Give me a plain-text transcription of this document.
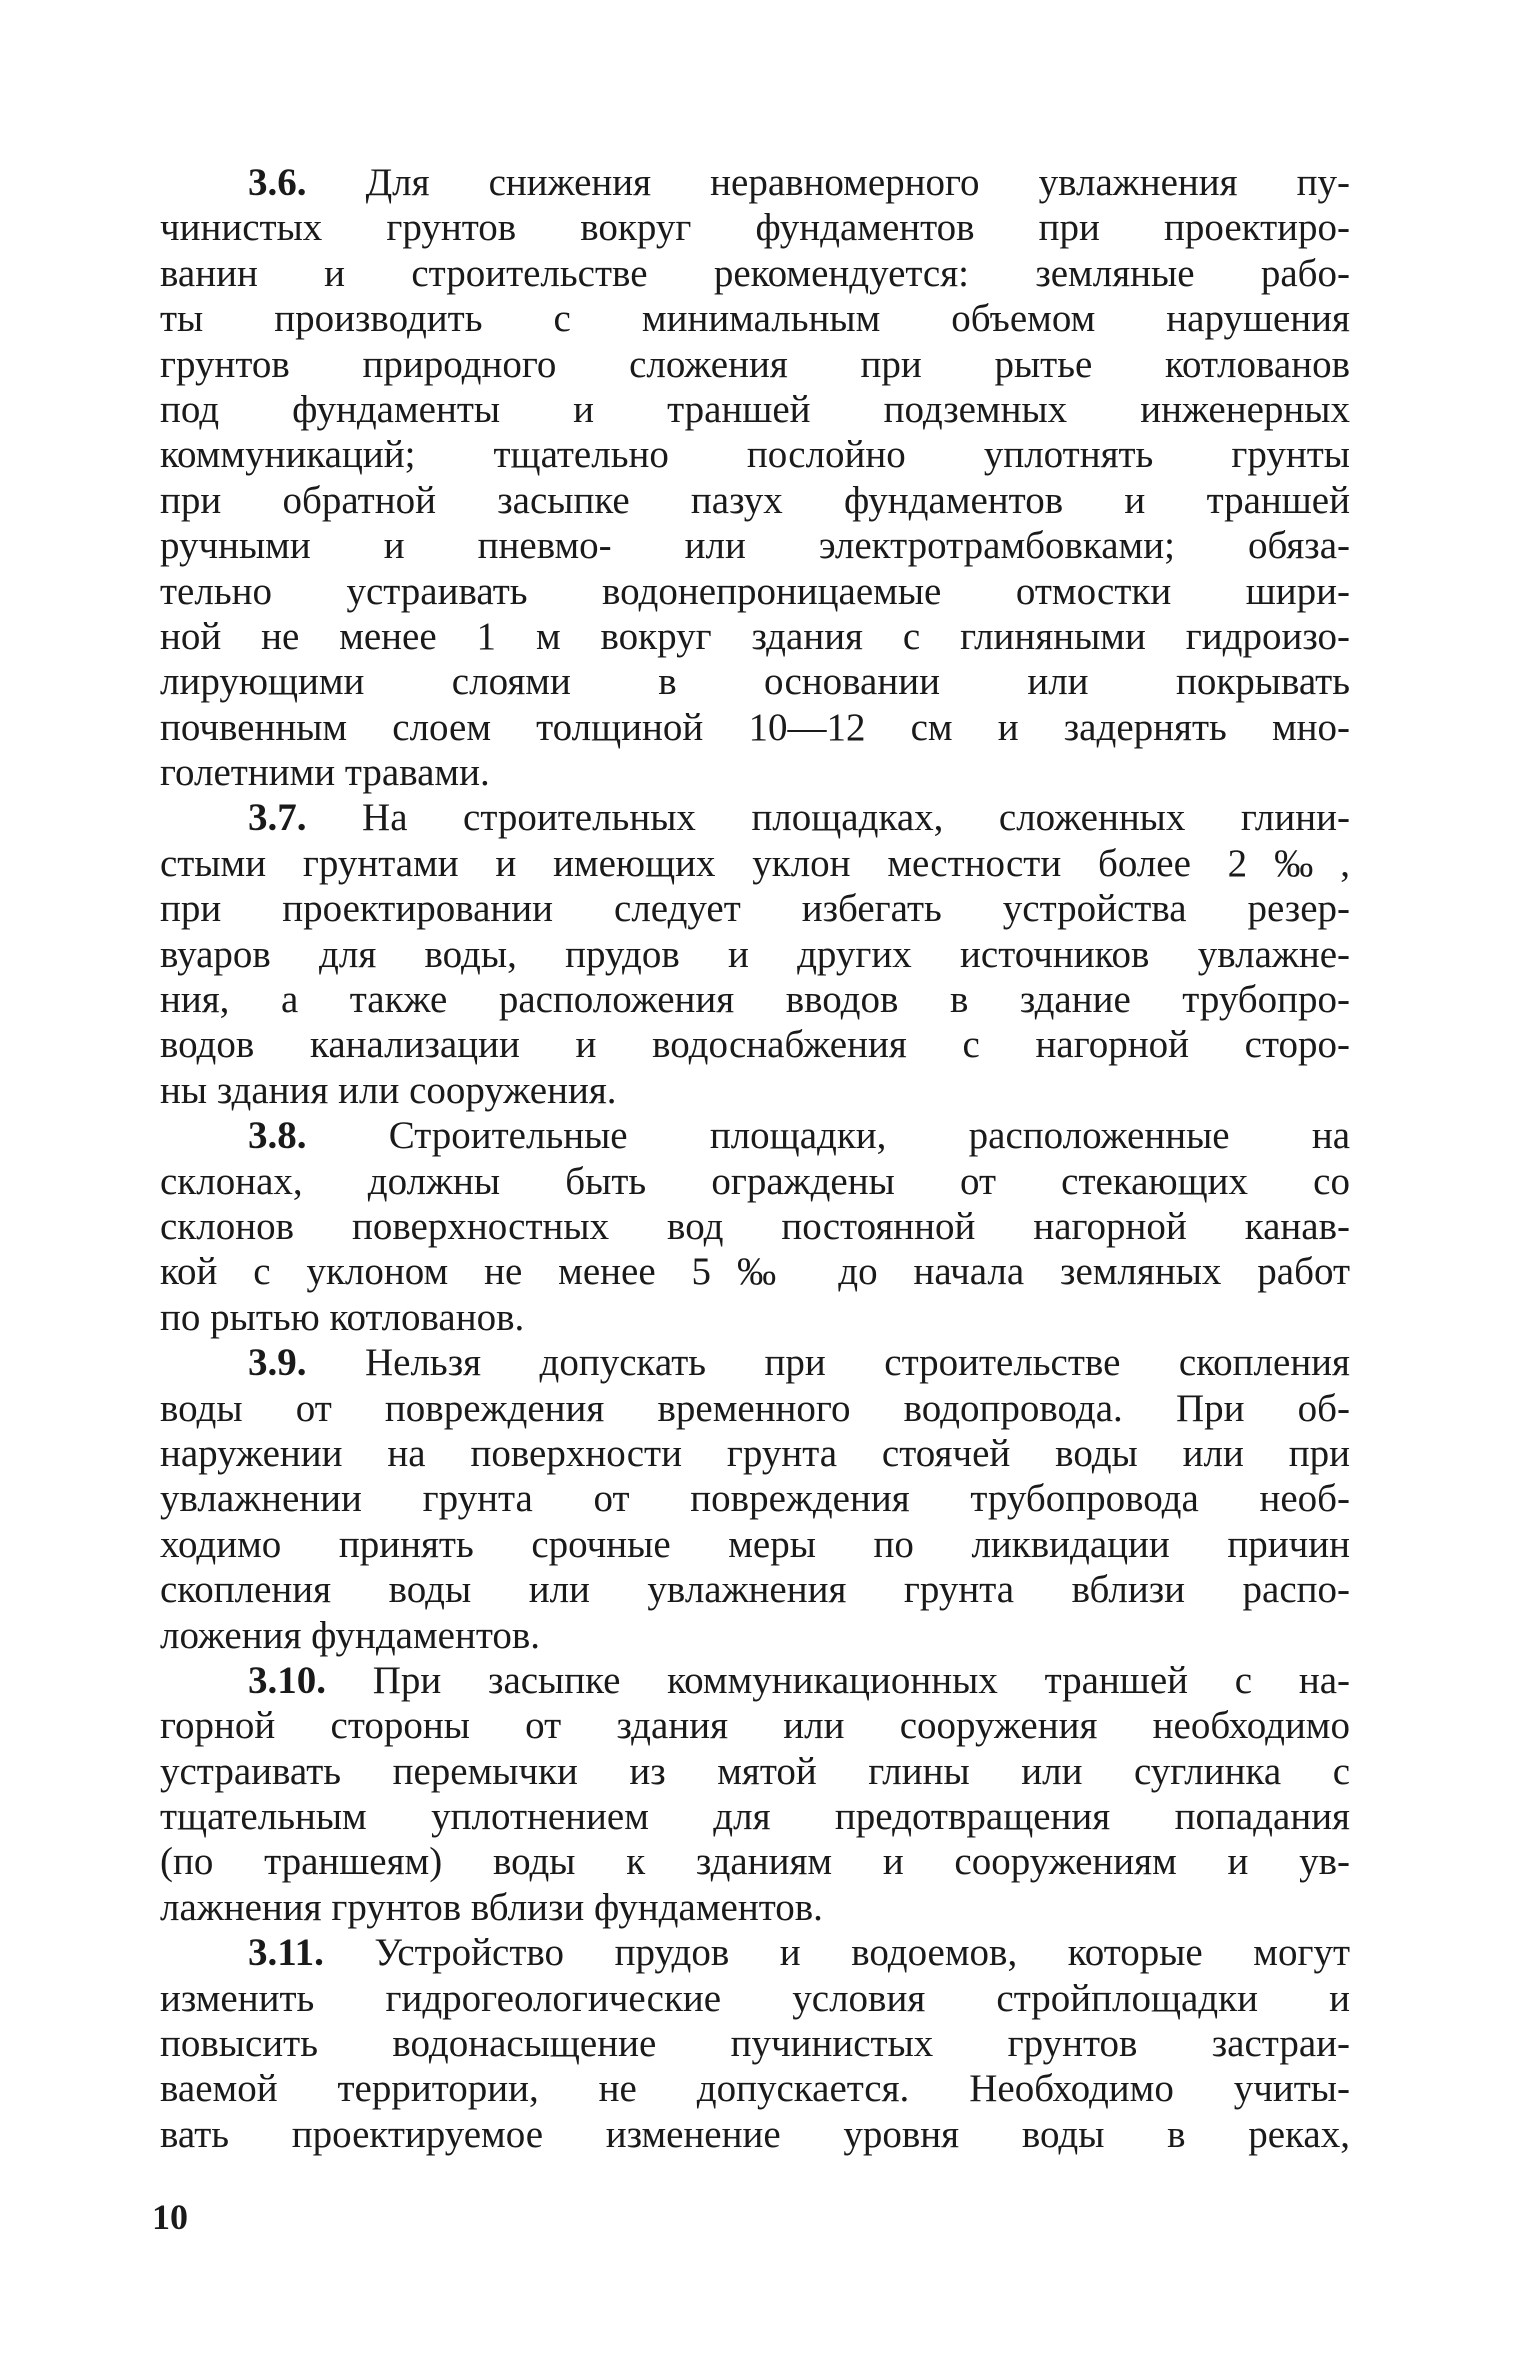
3.6. Для снижения неравномерного увлажнения пу-
чинистых грунтов вокруг фундаментов при проектиро-
ванин и строительстве рекомендуется: земляные рабо-
ты производить с минимальным объемом нарушения
грунтов природного сложения при рытье котлованов
под фундаменты и траншей подземных инженерных
коммуникаций; тщательно послойно уплотнять грунты
при обратной засыпке пазух фундаментов и траншей
ручными и пневмо- или электротрамбовками; обяза-
тельно устраивать водонепроницаемые отмостки шири-
ной не менее 1 м вокруг здания с глиняными гидроизо-
лирующими слоями в основании или покрывать
почвенным слоем толщиной 10—12 см и задернять мно-
голетними травами.
3.7. На строительных площадках, сложенных глини-
стыми грунтами и имеющих уклон местности более 2‰,
при проектировании следует избегать устройства резер-
вуаров для воды, прудов и других источников увлажне-
ния, а также расположения вводов в здание трубопро-
водов канализации и водоснабжения с нагорной сторо-
ны здания или сооружения.
3.8. Строительные площадки, расположенные на
склонах, должны быть ограждены от стекающих со
склонов поверхностных вод постоянной нагорной канав-
кой с уклоном не менее 5‰ до начала земляных работ
по рытью котлованов.
3.9. Нельзя допускать при строительстве скопления
воды от повреждения временного водопровода. При об-
наружении на поверхности грунта стоячей воды или при
увлажнении грунта от повреждения трубопровода необ-
ходимо принять срочные меры по ликвидации причин
скопления воды или увлажнения грунта вблизи распо-
ложения фундаментов.
3.10. При засыпке коммуникационных траншей с на-
горной стороны от здания или сооружения необходимо
устраивать перемычки из мятой глины или суглинка с
тщательным уплотнением для предотвращения попадания
(по траншеям) воды к зданиям и сооружениям и ув-
лажнения грунтов вблизи фундаментов.
3.11. Устройство прудов и водоемов, которые могут
изменить гидрогеологические условия стройплощадки и
повысить водонасыщение пучинистых грунтов застраи-
ваемой территории, не допускается. Необходимо учиты-
вать проектируемое изменение уровня воды в реках,
10
